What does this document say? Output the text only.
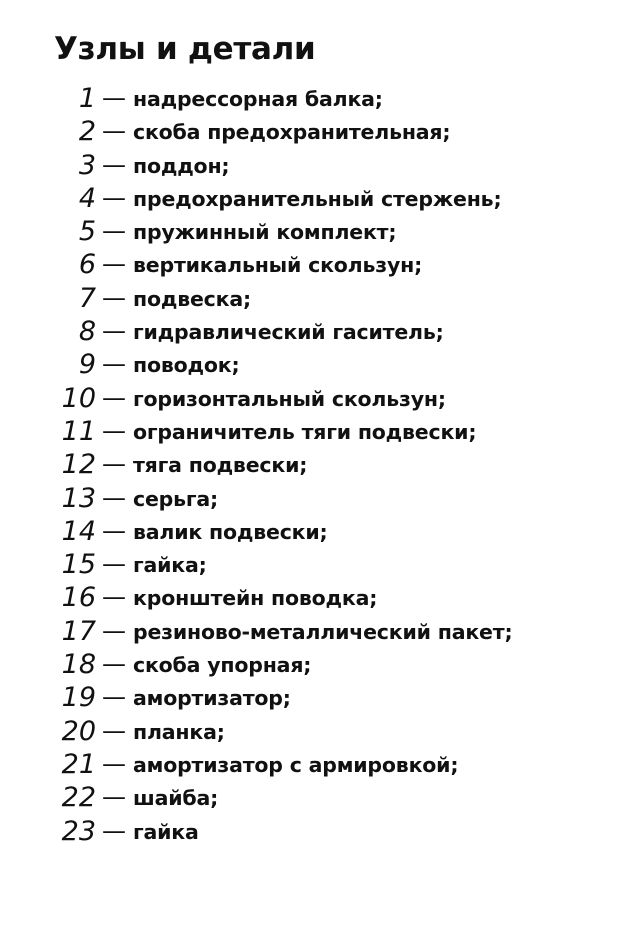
Узлы и детали
1 — надрессорная балка;
2 — скоба предохранительная;
3 — поддон;
4 — предохранительный стержень;
5 — пружинный комплект;
6 — вертикальный скользун;
7 — подвеска;
8 — гидравлический гаситель;
9 — поводок;
10 — горизонтальный скользун;
11 — ограничитель тяги подвески;
12 — тяга подвески;
13 — серьга;
14 — валик подвески;
15 — гайка;
16 — кронштейн поводка;
17 — резиново-металлический пакет;
18 — скоба упорная;
19 — амортизатор;
20 — планка;
21 — амортизатор с армировкой;
22 — шайба;
23 — гайка
